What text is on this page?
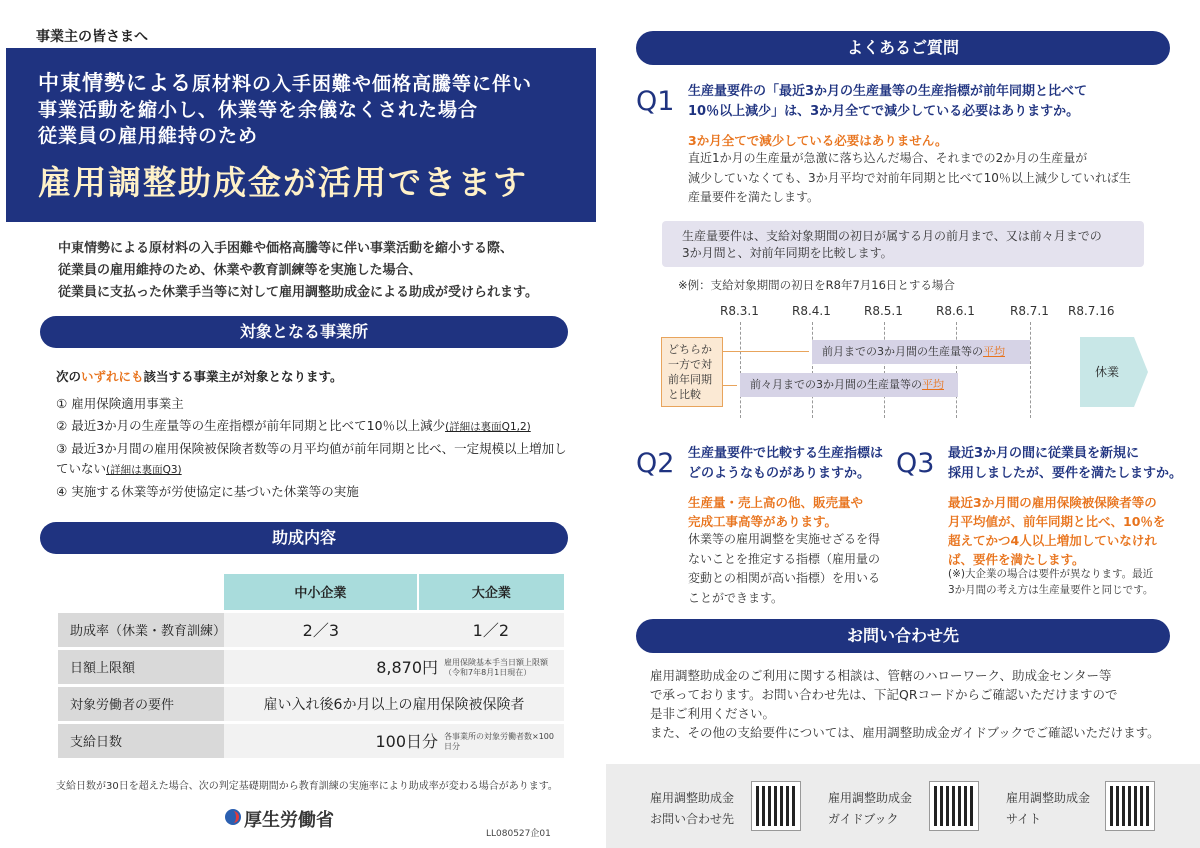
事業主の皆さまへ
中東情勢による原材料の入手困難や価格高騰等に伴い
事業活動を縮小し、休業等を余儀なくされた場合
従業員の雇用維持のため
雇用調整助成金が活用できます
中東情勢による原材料の入手困難や価格高騰等に伴い事業活動を縮小する際、
従業員の雇用維持のため、休業や教育訓練等を実施した場合、
従業員に支払った休業手当等に対して雇用調整助成金による助成が受けられます。
対象となる事業所
次のいずれにも該当する事業主が対象となります。
① 雇用保険適用事業主
② 最近3か月の生産量等の生産指標が前年同期と比べて10％以上減少(詳細は裏面Q1,2)
③ 最近3か月間の雇用保険被保険者数等の月平均値が前年同期と比べ、一定規模以上増加していない(詳細は裏面Q3)
④ 実施する休業等が労使協定に基づいた休業等の実施
助成内容
	中小企業	大企業
助成率（休業・教育訓練）	2／3	1／2
日額上限額	8,870円 雇用保険基本手当日額上限額（令和7年8月1日現在）	
対象労働者の要件	雇い入れ後6か月以上の雇用保険被保険者	
支給日数	100日分 各事業所の対象労働者数×100日分	
支給日数が30日を超えた場合、次の判定基礎期間から教育訓練の実施率により助成率が変わる場合があります。
厚生労働省
LL080527企01
よくあるご質問
Q1 生産量要件の「最近3か月の生産量等の生産指標が前年同期と比べて
10％以上減少」は、3か月全てで減少している必要はありますか。
3か月全てで減少している必要はありません。
直近1か月の生産量が急激に落ち込んだ場合、それまでの2か月の生産量が
減少していなくても、3か月平均で対前年同期と比べて10％以上減少していれば生
産量要件を満たします。
生産量要件は、支給対象期間の初日が属する月の前月まで、又は前々月までの
3か月間と、対前年同期を比較します。
※例：支給対象期間の初日をR8年7月16日とする場合
R8.3.1	R8.4.1	R8.5.1	R8.6.1	R8.7.1 R8.7.16
どちらか
一方で対
前年同期
と比較
前月までの3か月間の生産量等の平均
前々月までの3か月間の生産量等の平均
休業
Q2 生産量要件で比較する生産指標は
どのようなものがありますか。
生産量・売上高の他、販売量や
完成工事高等があります。
休業等の雇用調整を実施せざるを得
ないことを推定する指標（雇用量の
変動との相関が高い指標）を用いる
ことができます。
Q3 最近3か月の間に従業員を新規に
採用しましたが、要件を満たしますか。
最近3か月間の雇用保険被保険者等の
月平均値が、前年同期と比べ、10％を
超えてかつ4人以上増加していなけれ
ば、要件を満たします。
(※)大企業の場合は要件が異なります。最近
3か月間の考え方は生産量要件と同じです。
お問い合わせ先
雇用調整助成金のご利用に関する相談は、管轄のハローワーク、助成金センター等
で承っております。お問い合わせ先は、下記QRコードからご確認いただけますので
是非ご利用ください。
また、その他の支給要件については、雇用調整助成金ガイドブックでご確認いただけます。
雇用調整助成金
お問い合わせ先
雇用調整助成金
ガイドブック
雇用調整助成金
サイト
